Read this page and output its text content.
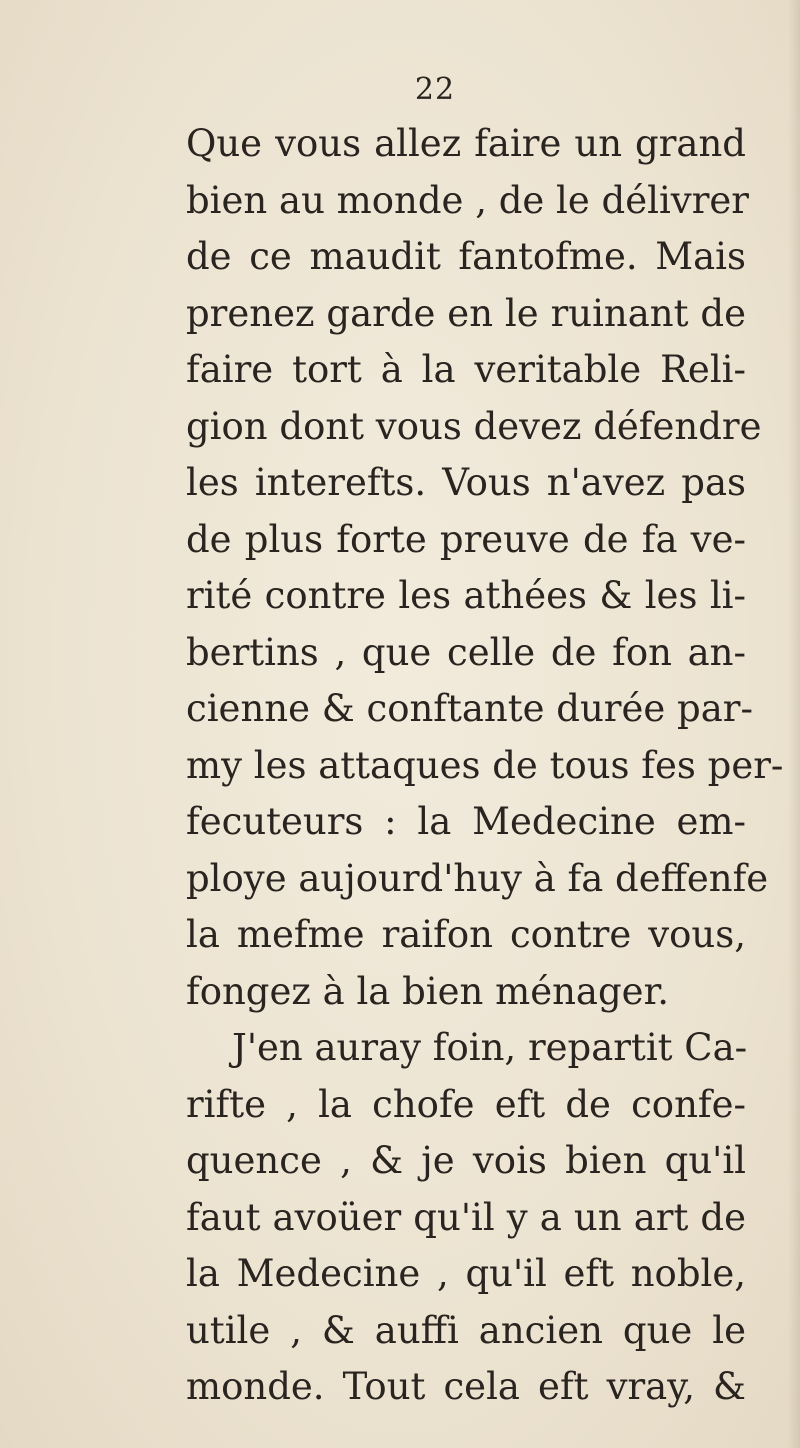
22
Que vous allez faire un grand
bien au monde , de le délivrer
de ce maudit fantofme. Mais
prenez garde en le ruinant de
faire tort à la veritable Reli-
gion dont vous devez défendre
les interefts. Vous n'avez pas
de plus forte preuve de fa ve-
rité contre les athées & les li-
bertins , que celle de fon an-
cienne & conftante durée par-
my les attaques de tous fes per-
fecuteurs : la Medecine em-
ploye aujourd'huy à fa deffenfe
la mefme raifon contre vous,
fongez à la bien ménager.
J'en auray foin, repartit Ca-
rifte , la chofe eft de confe-
quence , & je vois bien qu'il
faut avoüer qu'il y a un art de
la Medecine , qu'il eft noble,
utile , & auffi ancien que le
monde. Tout cela eft vray, &
